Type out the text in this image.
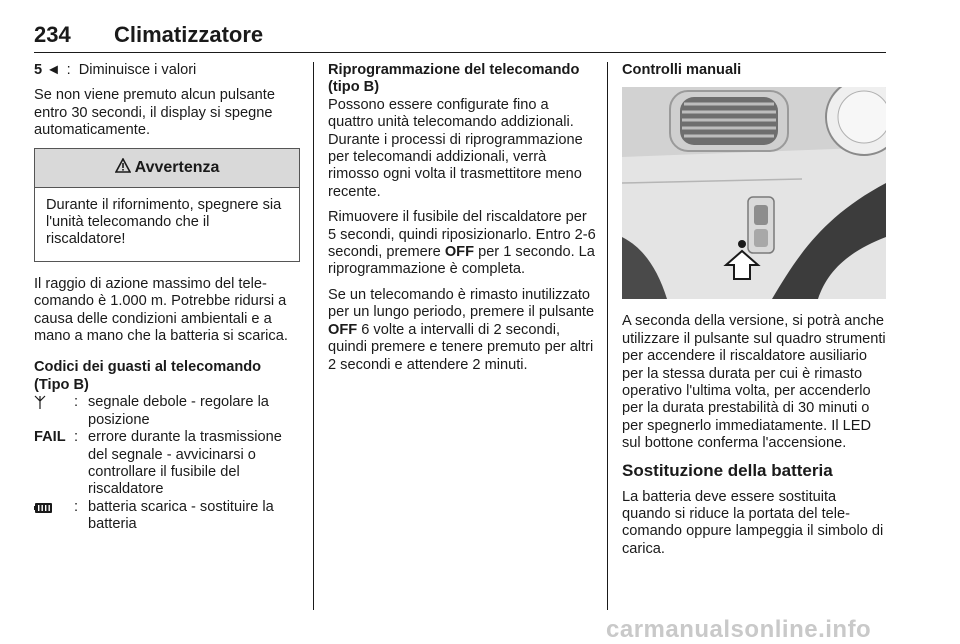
234 Climatizzatore
5 ◄ : Diminuisce i valori

Se non viene premuto alcun pulsante entro 30 secondi, il display si spegne automaticamente.

Avvertenza
Durante il rifornimento, spegnere sia l'unità telecomando che il riscaldatore!

Il raggio di azione massimo del telecomando è 1.000 m. Potrebbe ridursi a causa delle condizioni ambientali e a mano a mano che la batteria si scarica.

Codici dei guasti al telecomando (Tipo B)
: segnale debole - regolare la posizione
FAIL : errore durante la trasmissione del segnale - avvicinarsi o controllare il fusibile del riscaldatore
: batteria scarica - sostituire la batteria
Riprogrammazione del telecomando (tipo B)

Possono essere configurate fino a quattro unità telecomando addizionali. Durante i processi di riprogrammazione per telecomandi addizionali, verrà rimosso ogni volta il trasmettitore meno recente.

Rimuovere il fusibile del riscaldatore per 5 secondi, quindi riposizionarlo. Entro 2-6 secondi, premere OFF per 1 secondo. La riprogrammazione è completa.

Se un telecomando è rimasto inutilizzato per un lungo periodo, premere il pulsante OFF 6 volte a intervalli di 2 secondi, quindi premere e tenere premuto per altri 2 secondi e attendere 2 minuti.

Controlli manuali

A seconda della versione, si potrà anche utilizzare il pulsante sul quadro strumenti per accendere il riscaldatore ausiliario per la stessa durata per cui è rimasto operativo l'ultima volta, per accenderlo per la durata prestabilità di 30 minuti o per spegnerlo immediatamente. Il LED sul bottone conferma l'accensione.

Sostituzione della batteria

La batteria deve essere sostituita quando si riduce la portata del telecomando oppure lampeggia il simbolo di carica.

carmanualsonline.info
